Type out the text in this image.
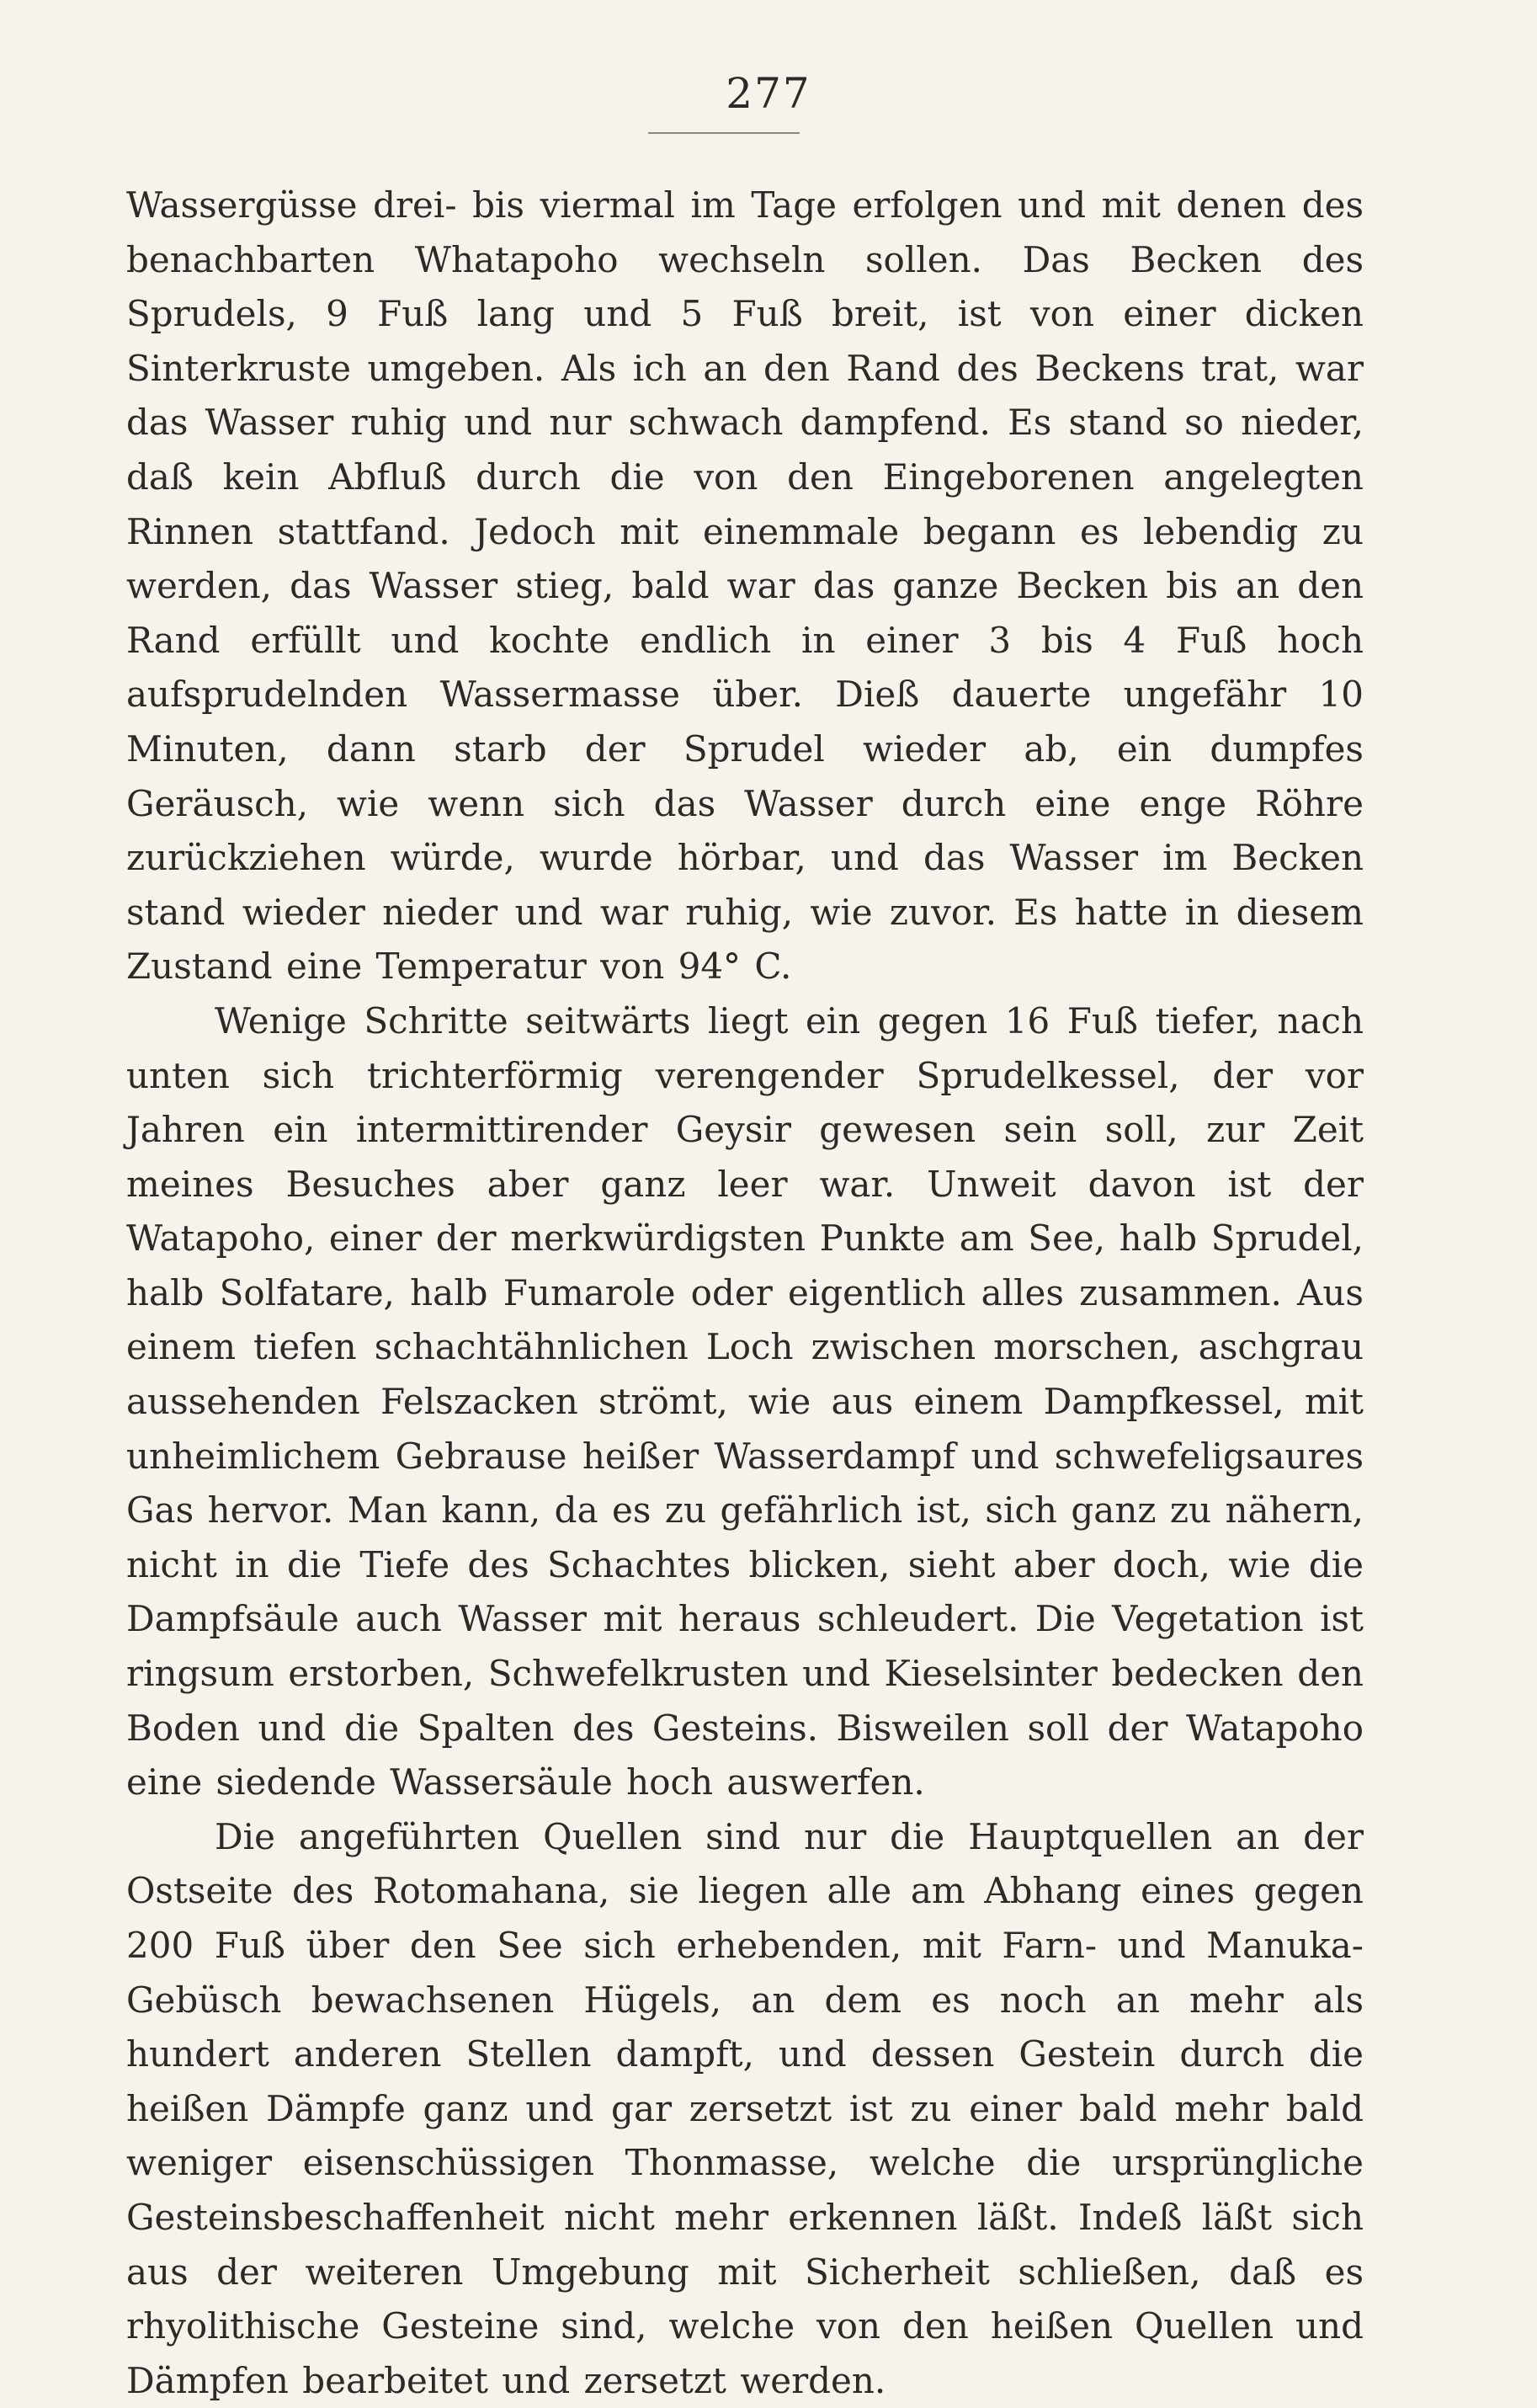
277

Wassergüsse drei- bis viermal im Tage erfolgen und mit denen des benachbarten Whatapoho wechseln sollen. Das Becken des Sprudels, 9 Fuß lang und 5 Fuß breit, ist von einer dicken Sinterkruste umgeben. Als ich an den Rand des Beckens trat, war das Wasser ruhig und nur schwach dampfend. Es stand so nieder, daß kein Abfluß durch die von den Eingeborenen angelegten Rinnen stattfand. Jedoch mit einemmale begann es lebendig zu werden, das Wasser stieg, bald war das ganze Becken bis an den Rand erfüllt und kochte endlich in einer 3 bis 4 Fuß hoch aufsprudelnden Wassermasse über. Dieß dauerte ungefähr 10 Minuten, dann starb der Sprudel wieder ab, ein dumpfes Geräusch, wie wenn sich das Wasser durch eine enge Röhre zurückziehen würde, wurde hörbar, und das Wasser im Becken stand wieder nieder und war ruhig, wie zuvor. Es hatte in diesem Zustand eine Temperatur von 94° C.

Wenige Schritte seitwärts liegt ein gegen 16 Fuß tiefer, nach unten sich trichterförmig verengender Sprudelkessel, der vor Jahren ein intermittirender Geysir gewesen sein soll, zur Zeit meines Besuches aber ganz leer war. Unweit davon ist der Watapoho, einer der merkwürdigsten Punkte am See, halb Sprudel, halb Solfatare, halb Fumarole oder eigentlich alles zusammen. Aus einem tiefen schachtähnlichen Loch zwischen morschen, aschgrau aussehenden Felszacken strömt, wie aus einem Dampfkessel, mit unheimlichem Gebrause heißer Wasserdampf und schwefeligsaures Gas hervor. Man kann, da es zu gefährlich ist, sich ganz zu nähern, nicht in die Tiefe des Schachtes blicken, sieht aber doch, wie die Dampfsäule auch Wasser mit heraus schleudert. Die Vegetation ist ringsum erstorben, Schwefelkrusten und Kieselsinter bedecken den Boden und die Spalten des Gesteins. Bisweilen soll der Watapoho eine siedende Wassersäule hoch auswerfen.

Die angeführten Quellen sind nur die Hauptquellen an der Ostseite des Rotomahana, sie liegen alle am Abhang eines gegen 200 Fuß über den See sich erhebenden, mit Farn- und Manuka-Gebüsch bewachsenen Hügels, an dem es noch an mehr als hundert anderen Stellen dampft, und dessen Gestein durch die heißen Dämpfe ganz und gar zersetzt ist zu einer bald mehr bald weniger eisenschüssigen Thonmasse, welche die ursprüngliche Gesteinsbeschaffenheit nicht mehr erkennen läßt. Indeß läßt sich aus der weiteren Umgebung mit Sicherheit schließen, daß es rhyolithische Gesteine sind, welche von den heißen Quellen und Dämpfen bearbeitet und zersetzt werden.
